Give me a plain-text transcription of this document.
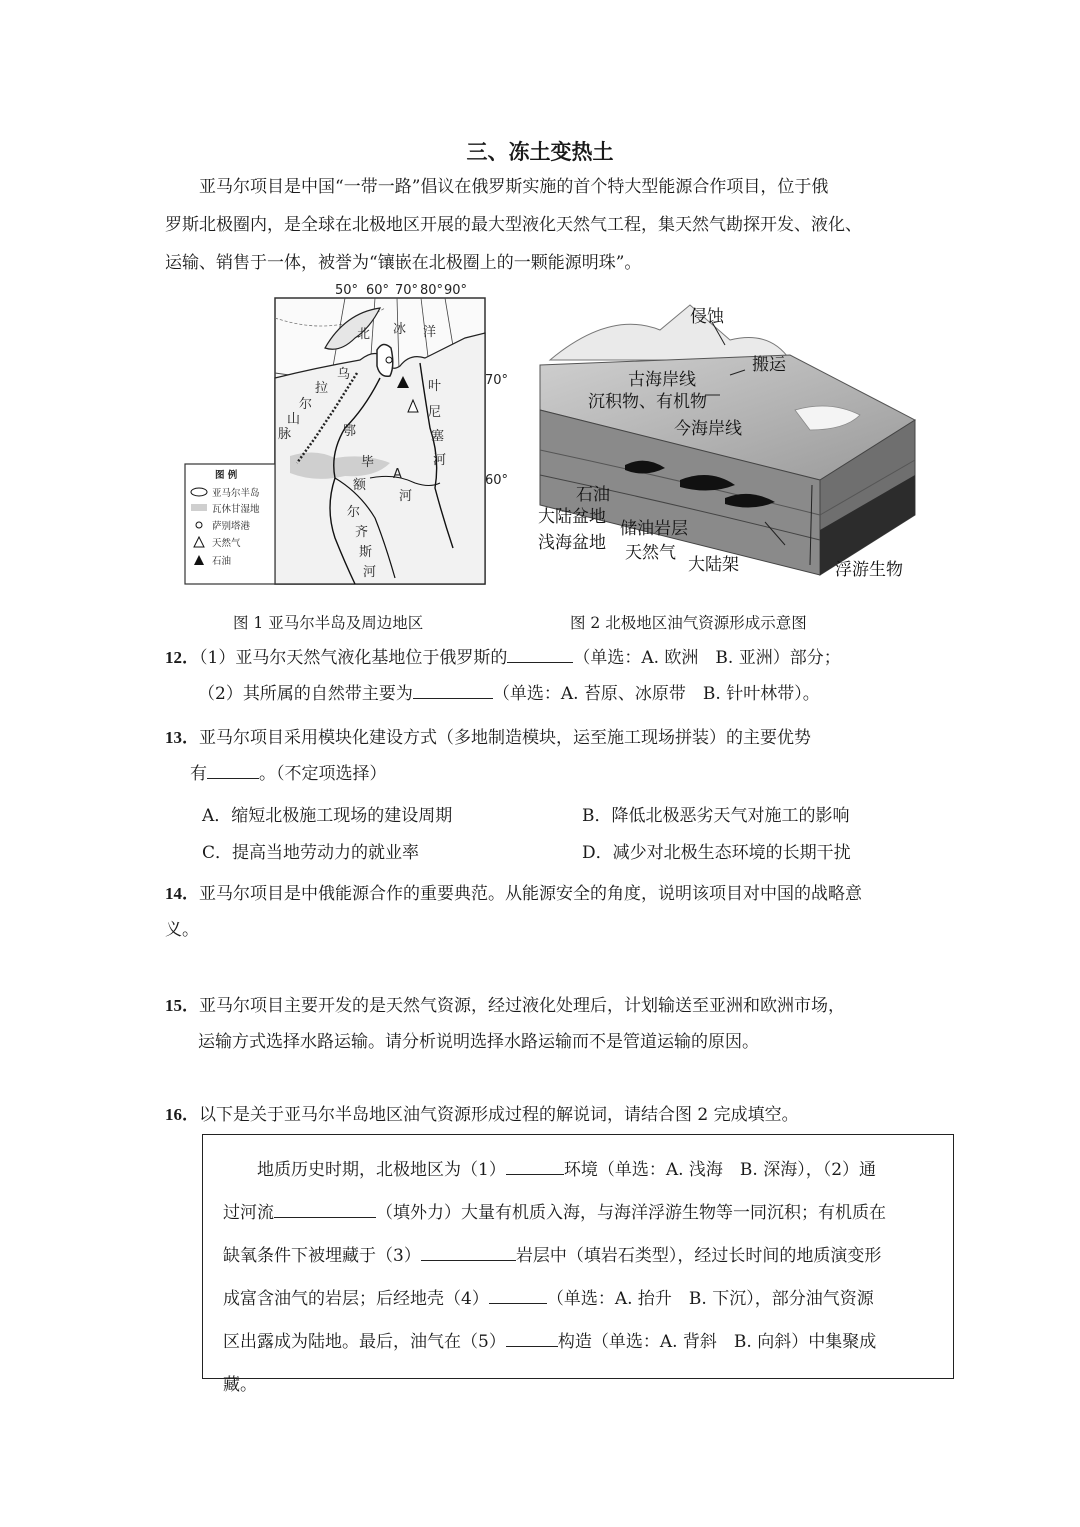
三、冻土变热土

亚马尔项目是中国“一带一路”倡议在俄罗斯实施的首个特大型能源合作项目，位于俄

罗斯北极圈内，是全球在北极地区开展的最大型液化天然气工程，集天然气勘探开发、液化、

运输、销售于一体，被誉为“镶嵌在北极圈上的一颗能源明珠”。

50° 60° 70° 80° 90°
70°
60°
北 冰 洋
乌
拉
尔
山
脉	鄂
毕
额
尔
齐
斯
河
河
叶
尼
塞
河
A
图 例
亚马尔半岛
瓦休甘湿地
萨别塔港
天然气
石油
侵蚀
搬运
古海岸线
沉积物、有机物
今海岸线
石油
大陆盆地
储油岩层
浅海盆地 天然气
大陆架	浮游生物
图 1 亚马尔半岛及周边地区	图 2 北极地区油气资源形成示意图
12．（1）亚马尔天然气液化基地位于俄罗斯的	（单选：A. 欧洲　B. 亚洲）部分；
（2）其所属的自然带主要为	（单选：A. 苔原、冰原带　B. 针叶林带）。
13．亚马尔项目采用模块化建设方式（多地制造模块，运至施工现场拼装）的主要优势
有	。（不定项选择）
A．缩短北极施工现场的建设周期	B．降低北极恶劣天气对施工的影响
C．提高当地劳动力的就业率	D．减少对北极生态环境的长期干扰
14．亚马尔项目是中俄能源合作的重要典范。从能源安全的角度，说明该项目对中国的战略意
义。
15．亚马尔项目主要开发的是天然气资源，经过液化处理后，计划输送至亚洲和欧洲市场，
运输方式选择水路运输。请分析说明选择水路运输而不是管道运输的原因。
16．以下是关于亚马尔半岛地区油气资源形成过程的解说词，请结合图 2 完成填空。

地质历史时期，北极地区为（1）	环境（单选：A. 浅海　B. 深海），（2）通

过河流	（填外力）大量有机质入海，与海洋浮游生物等一同沉积；有机质在
缺氧条件下被埋藏于（3）	岩层中（填岩石类型），经过长时间的地质演变形
成富含油气的岩层；后经地壳（4）	（单选：A. 抬升　B. 下沉），部分油气资源
区出露成为陆地。最后，油气在（5）	构造（单选：A. 背斜　B. 向斜）中集聚成
藏。
